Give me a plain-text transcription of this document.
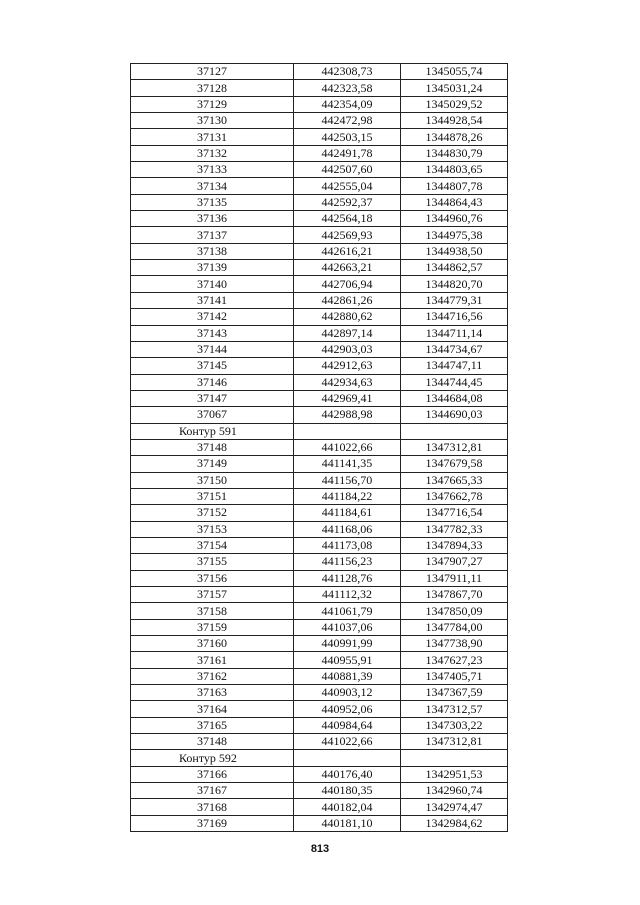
37127	442308,73	1345055,74
37128	442323,58	1345031,24
37129	442354,09	1345029,52
37130	442472,98	1344928,54
37131	442503,15	1344878,26
37132	442491,78	1344830,79
37133	442507,60	1344803,65
37134	442555,04	1344807,78
37135	442592,37	1344864,43
37136	442564,18	1344960,76
37137	442569,93	1344975,38
37138	442616,21	1344938,50
37139	442663,21	1344862,57
37140	442706,94	1344820,70
37141	442861,26	1344779,31
37142	442880,62	1344716,56
37143	442897,14	1344711,14
37144	442903,03	1344734,67
37145	442912,63	1344747,11
37146	442934,63	1344744,45
37147	442969,41	1344684,08
37067	442988,98	1344690,03
Контур 591		
37148	441022,66	1347312,81
37149	441141,35	1347679,58
37150	441156,70	1347665,33
37151	441184,22	1347662,78
37152	441184,61	1347716,54
37153	441168,06	1347782,33
37154	441173,08	1347894,33
37155	441156,23	1347907,27
37156	441128,76	1347911,11
37157	441112,32	1347867,70
37158	441061,79	1347850,09
37159	441037,06	1347784,00
37160	440991,99	1347738,90
37161	440955,91	1347627,23
37162	440881,39	1347405,71
37163	440903,12	1347367,59
37164	440952,06	1347312,57
37165	440984,64	1347303,22
37148	441022,66	1347312,81
Контур 592		
37166	440176,40	1342951,53
37167	440180,35	1342960,74
37168	440182,04	1342974,47
37169	440181,10	1342984,62
813
